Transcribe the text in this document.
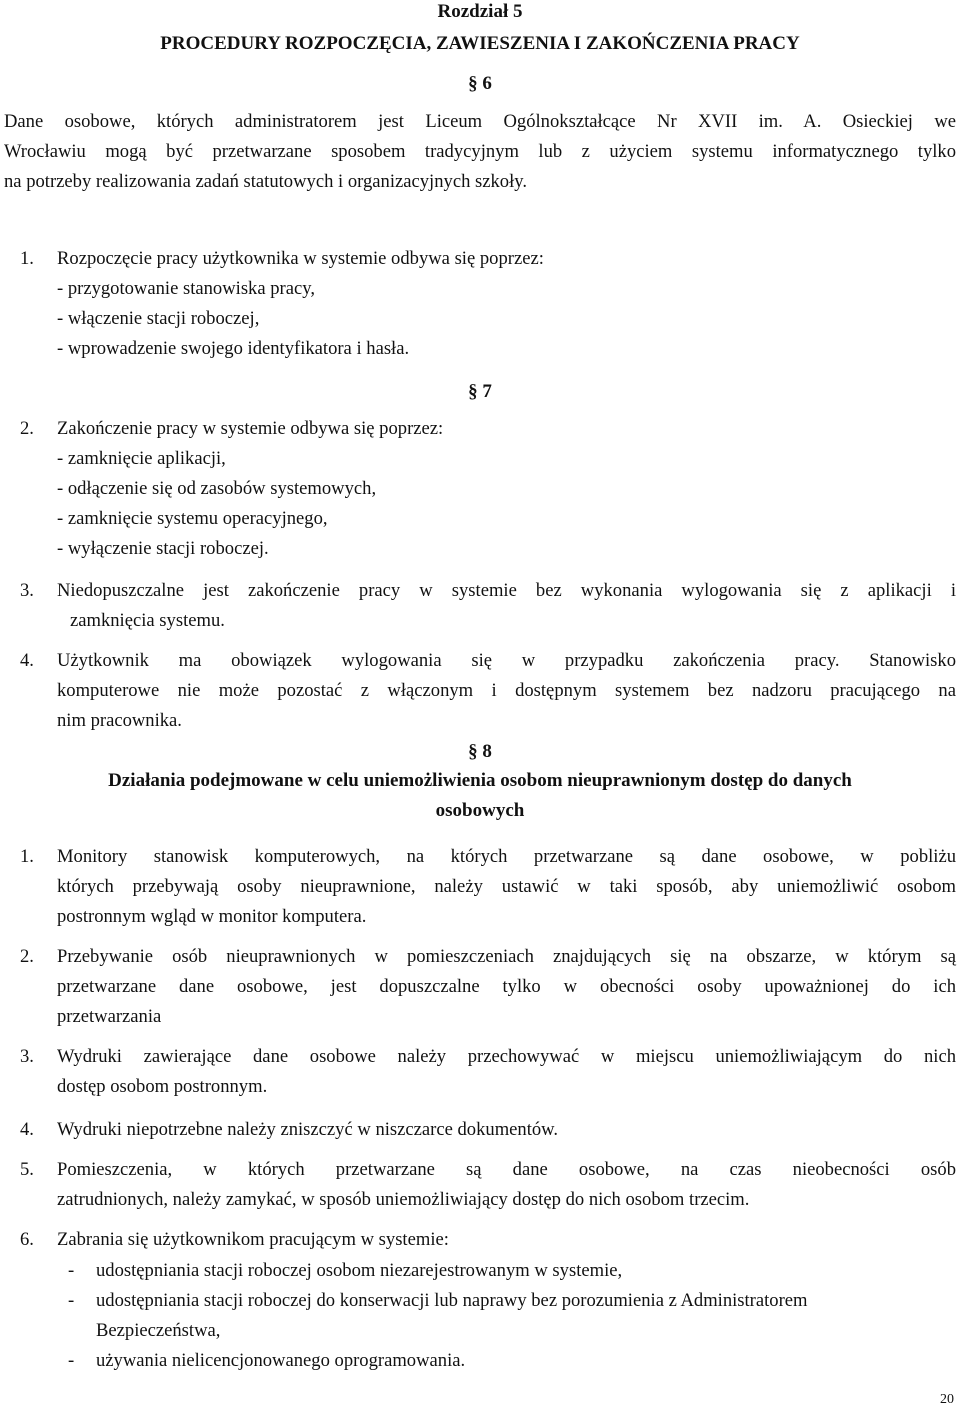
Rozdział 5
PROCEDURY ROZPOCZĘCIA, ZAWIESZENIA I ZAKOŃCZENIA PRACY
§ 6
Dane osobowe, których administratorem jest Liceum Ogólnokształcące Nr XVII im. A. Osieckiej we
Wrocławiu mogą być przetwarzane sposobem tradycyjnym lub z użyciem systemu informatycznego tylko
na potrzeby realizowania zadań statutowych i organizacyjnych szkoły.
1. Rozpoczęcie pracy użytkownika w systemie odbywa się poprzez:
- przygotowanie stanowiska pracy,
- włączenie stacji roboczej,
- wprowadzenie swojego identyfikatora i hasła.
§ 7
2. Zakończenie pracy w systemie odbywa się poprzez:
- zamknięcie aplikacji,
- odłączenie się od zasobów systemowych,
- zamknięcie systemu operacyjnego,
- wyłączenie stacji roboczej.
3. Niedopuszczalne jest zakończenie pracy w systemie bez wykonania wylogowania się z aplikacji i
zamknięcia systemu.
4. Użytkownik ma obowiązek wylogowania się w przypadku zakończenia pracy. Stanowisko
komputerowe nie może pozostać z włączonym i dostępnym systemem bez nadzoru pracującego na
nim pracownika.
§ 8
Działania podejmowane w celu uniemożliwienia osobom nieuprawnionym dostęp do danych
osobowych
1. Monitory stanowisk komputerowych, na których przetwarzane są dane osobowe, w pobliżu
których przebywają osoby nieuprawnione, należy ustawić w taki sposób, aby uniemożliwić osobom
postronnym wgląd w monitor komputera.
2. Przebywanie osób nieuprawnionych w pomieszczeniach znajdujących się na obszarze, w którym są
przetwarzane dane osobowe, jest dopuszczalne tylko w obecności osoby upoważnionej do ich
przetwarzania
3. Wydruki zawierające dane osobowe należy przechowywać w miejscu uniemożliwiającym do nich
dostęp osobom postronnym.
4. Wydruki niepotrzebne należy zniszczyć w niszczarce dokumentów.
5. Pomieszczenia, w których przetwarzane są dane osobowe, na czas nieobecności osób
zatrudnionych, należy zamykać, w sposób uniemożliwiający dostęp do nich osobom trzecim.
6. Zabrania się użytkownikom pracującym w systemie:
- udostępniania stacji roboczej osobom niezarejestrowanym w systemie,
- udostępniania stacji roboczej do konserwacji lub naprawy bez porozumienia z Administratorem
Bezpieczeństwa,
- używania nielicencjonowanego oprogramowania.
20
